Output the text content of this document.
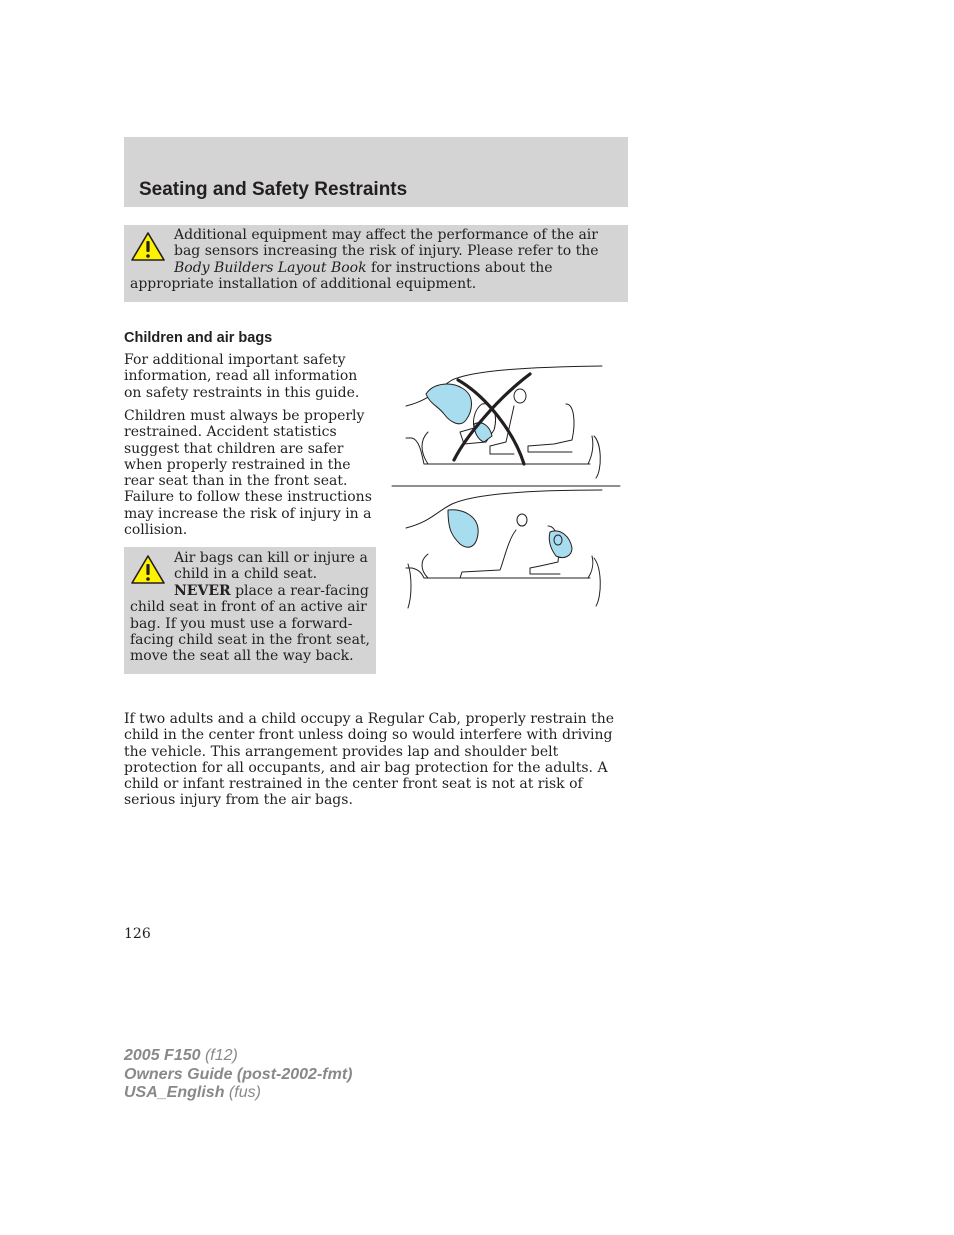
Seating and Safety Restraints

Additional equipment may affect the performance of the air bag sensors increasing the risk of injury. Please refer to the Body Builders Layout Book for instructions about the appropriate installation of additional equipment.

Children and air bags

For additional important safety information, read all information on safety restraints in this guide.

Children must always be properly restrained. Accident statistics suggest that children are safer when properly restrained in the rear seat than in the front seat. Failure to follow these instructions may increase the risk of injury in a collision.

Air bags can kill or injure a child in a child seat. NEVER place a rear-facing child seat in front of an active air bag. If you must use a forward-facing child seat in the front seat, move the seat all the way back.

If two adults and a child occupy a Regular Cab, properly restrain the child in the center front unless doing so would interfere with driving the vehicle. This arrangement provides lap and shoulder belt protection for all occupants, and air bag protection for the adults. A child or infant restrained in the center front seat is not at risk of serious injury from the air bags.

126

2005 F150 (f12)
Owners Guide (post-2002-fmt)
USA_English (fus)
